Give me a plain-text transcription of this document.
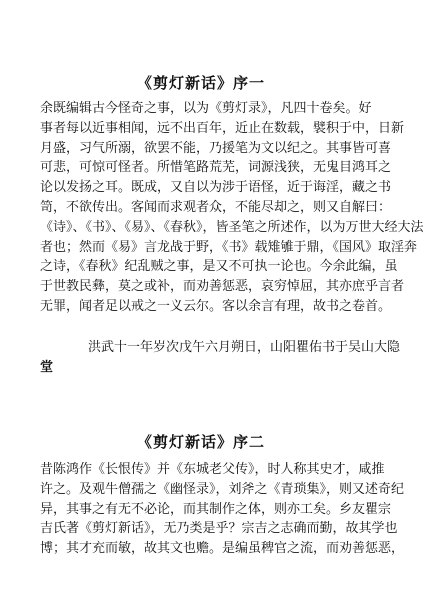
《剪灯新话》序一
余既编辑古今怪奇之事，以为《剪灯录》，凡四十卷矣。好
事者每以近事相闻，远不出百年，近止在数载，襞积于中，日新
月盛，习气所溺，欲罢不能，乃援笔为文以纪之。其事皆可喜
可悲，可惊可怪者。所惜笔路荒芜，词源浅狭，无鬼目鸿耳之
论以发扬之耳。既成，又自以为涉于语怪，近于诲淫，藏之书
笥，不欲传出。客闻而求观者众，不能尽却之，则又自解曰：
《诗》、《书》、《易》、《春秋》，皆圣笔之所述作，以为万世大经大法
者也；然而《易》言龙战于野，《书》载雉雊于鼎，《国风》取淫奔
之诗，《春秋》纪乱贼之事，是又不可执一论也。今余此编，虽
于世教民彝，莫之或补，而劝善惩恶，哀穷悼屈，其亦庶乎言者
无罪，闻者足以戒之一义云尔。客以余言有理，故书之卷首。
洪武十一年岁次戊午六月朔日，山阳瞿佑书于吴山大隐
堂
《剪灯新话》序二
昔陈鸿作《长恨传》并《东城老父传》，时人称其史才，咸推
许之。及观牛僧孺之《幽怪录》，刘斧之《青琐集》，则又述奇纪
异，其事之有无不必论，而其制作之体，则亦工矣。乡友瞿宗
吉氏著《剪灯新话》，无乃类是乎？宗吉之志确而勤，故其学也
博；其才充而敏，故其文也赡。是编虽稗官之流，而劝善惩恶，
